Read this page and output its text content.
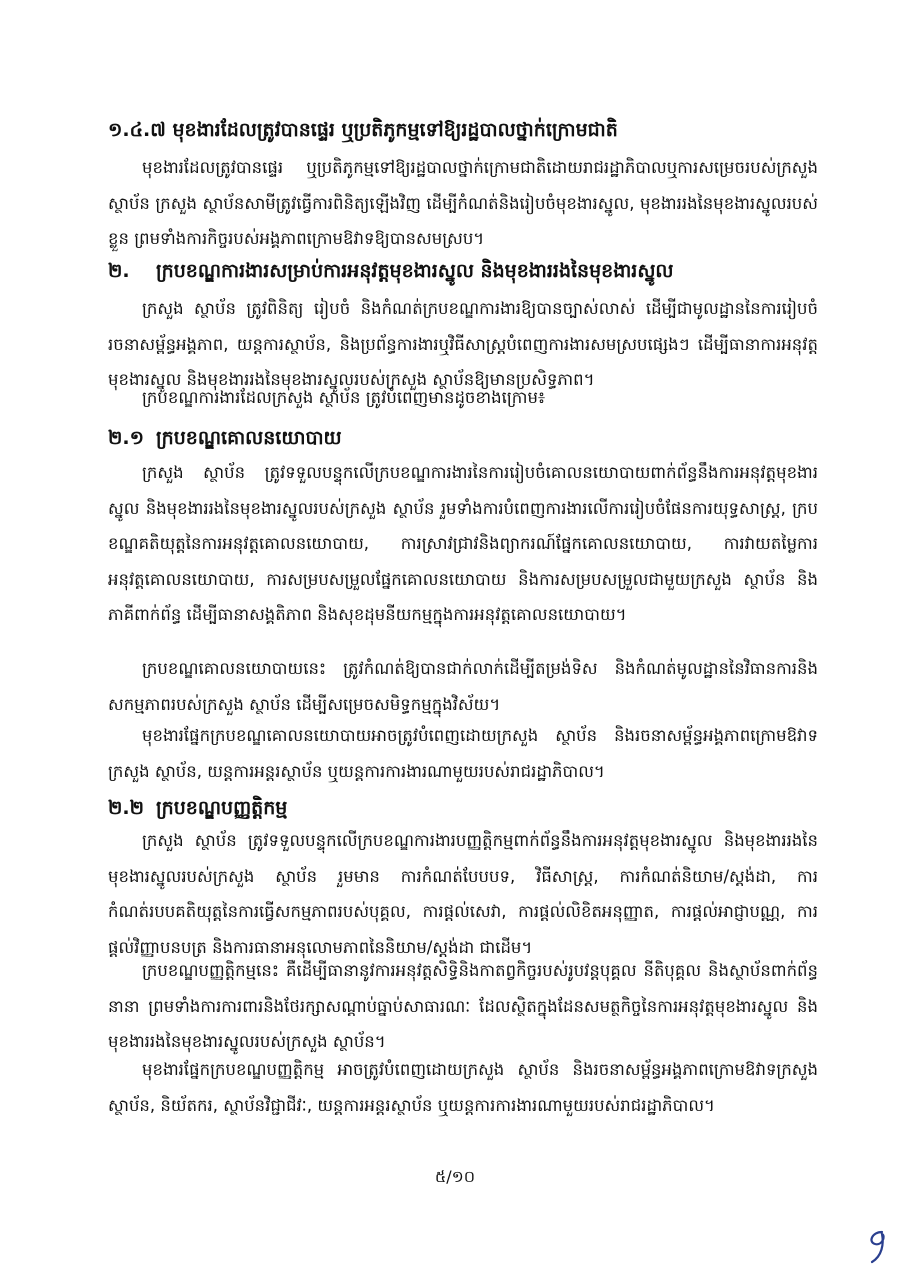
១.៤.៧ មុខងារដែលត្រូវបានផ្ទេរ ឬប្រតិភូកម្មទៅឱ្យរដ្ឋបាលថ្នាក់ក្រោមជាតិ
មុខងារដែលត្រូវបានផ្ទេរ ឬប្រតិភូកម្មទៅឱ្យរដ្ឋបាលថ្នាក់ក្រោមជាតិដោយរាជរដ្ឋាភិបាលឬការសម្រេចរបស់ក្រសួង ស្ថាប័ន ក្រសួង ស្ថាប័នសាមីត្រូវធ្វើការពិនិត្យឡើងវិញ ដើម្បីកំណត់និងរៀបចំមុខងារស្នូល, មុខងាររងនៃមុខងារស្នូលរបស់ខ្លួន ព្រមទាំងការកិច្ចរបស់អង្គភាពក្រោមឱវាទឱ្យបានសមស្រប។
២. ក្របខណ្ឌការងារសម្រាប់ការអនុវត្តមុខងារស្នូល និងមុខងាររងនៃមុខងារស្នូល
ក្រសួង ស្ថាប័ន ត្រូវពិនិត្យ រៀបចំ និងកំណត់ក្របខណ្ឌការងារឱ្យបានច្បាស់លាស់ ដើម្បីជាមូលដ្ឋាននៃការរៀបចំរចនាសម្ព័ន្ធអង្គភាព, យន្តការស្ថាប័ន, និងប្រព័ន្ធការងារឬវិធីសាស្ត្របំពេញការងារសមស្របផ្សេងៗ ដើម្បីធានាការអនុវត្តមុខងារស្នូល និងមុខងាររងនៃមុខងារស្នូលរបស់ក្រសួង ស្ថាប័នឱ្យមានប្រសិទ្ធភាព។
ក្របខណ្ឌការងារដែលក្រសួង ស្ថាប័ន ត្រូវបំពេញមានដូចខាងក្រោម៖
២.១ ក្របខណ្ឌគោលនយោបាយ
ក្រសួង ស្ថាប័ន ត្រូវទទួលបន្ទុកលើក្របខណ្ឌការងារនៃការរៀបចំគោលនយោបាយពាក់ព័ន្ធនឹងការអនុវត្តមុខងារស្នូល និងមុខងាររងនៃមុខងារស្នូលរបស់ក្រសួង ស្ថាប័ន រួមទាំងការបំពេញការងារលើការរៀបចំផែនការយុទ្ធសាស្ត្រ, ក្របខណ្ឌគតិយុត្តនៃការអនុវត្តគោលនយោបាយ, ការស្រាវជ្រាវនិងព្យាករណ៍ផ្នែកគោលនយោបាយ, ការវាយតម្លៃការអនុវត្តគោលនយោបាយ, ការសម្របសម្រួលផ្នែកគោលនយោបាយ និងការសម្របសម្រួលជាមួយក្រសួង ស្ថាប័ន និងភាគីពាក់ព័ន្ធ ដើម្បីធានាសង្គតិភាព និងសុខដុមនីយកម្មក្នុងការអនុវត្តគោលនយោបាយ។
ក្របខណ្ឌគោលនយោបាយនេះ ត្រូវកំណត់ឱ្យបានជាក់លាក់ដើម្បីតម្រង់ទិស និងកំណត់មូលដ្ឋាននៃវិធានការនិងសកម្មភាពរបស់ក្រសួង ស្ថាប័ន ដើម្បីសម្រេចសមិទ្ធកម្មក្នុងវិស័យ។
មុខងារផ្នែកក្របខណ្ឌគោលនយោបាយអាចត្រូវបំពេញដោយក្រសួង ស្ថាប័ន និងរចនាសម្ព័ន្ធអង្គភាពក្រោមឱវាទក្រសួង ស្ថាប័ន, យន្តការអន្តរស្ថាប័ន ឬយន្តការការងារណាមួយរបស់រាជរដ្ឋាភិបាល។
២.២ ក្របខណ្ឌបញ្ញត្តិកម្ម
ក្រសួង ស្ថាប័ន ត្រូវទទួលបន្ទុកលើក្របខណ្ឌការងារបញ្ញត្តិកម្មពាក់ព័ន្ធនឹងការអនុវត្តមុខងារស្នូល និងមុខងាររងនៃមុខងារស្នូលរបស់ក្រសួង ស្ថាប័ន រួមមាន ការកំណត់បែបបទ, វិធីសាស្ត្រ, ការកំណត់និយាម/ស្តង់ដា, ការកំណត់របបគតិយុត្តនៃការធ្វើសកម្មភាពរបស់បុគ្គល, ការផ្តល់សេវា, ការផ្តល់លិខិតអនុញ្ញាត, ការផ្តល់អាជ្ញាបណ្ណ, ការផ្តល់វិញ្ញាបនបត្រ និងការធានាអនុលោមភាពនៃនិយាម/ស្តង់ដា ជាដើម។
ក្របខណ្ឌបញ្ញត្តិកម្មនេះ គឺដើម្បីធានានូវការអនុវត្តសិទ្ធិនិងកាតព្វកិច្ចរបស់រូបវន្តបុគ្គល នីតិបុគ្គល និងស្ថាប័នពាក់ព័ន្ធនានា ព្រមទាំងការការពារនិងថែរក្សាសណ្តាប់ធ្នាប់សាធារណៈ ដែលស្ថិតក្នុងដែនសមត្ថកិច្ចនៃការអនុវត្តមុខងារស្នូល និងមុខងាររងនៃមុខងារស្នូលរបស់ក្រសួង ស្ថាប័ន។
មុខងារផ្នែកក្របខណ្ឌបញ្ញត្តិកម្ម អាចត្រូវបំពេញដោយក្រសួង ស្ថាប័ន និងរចនាសម្ព័ន្ធអង្គភាពក្រោមឱវាទក្រសួង ស្ថាប័ន, និយ័តករ, ស្ថាប័នវិជ្ជាជីវៈ, យន្តការអន្តរស្ថាប័ន ឬយន្តការការងារណាមួយរបស់រាជរដ្ឋាភិបាល។
៥/១០
